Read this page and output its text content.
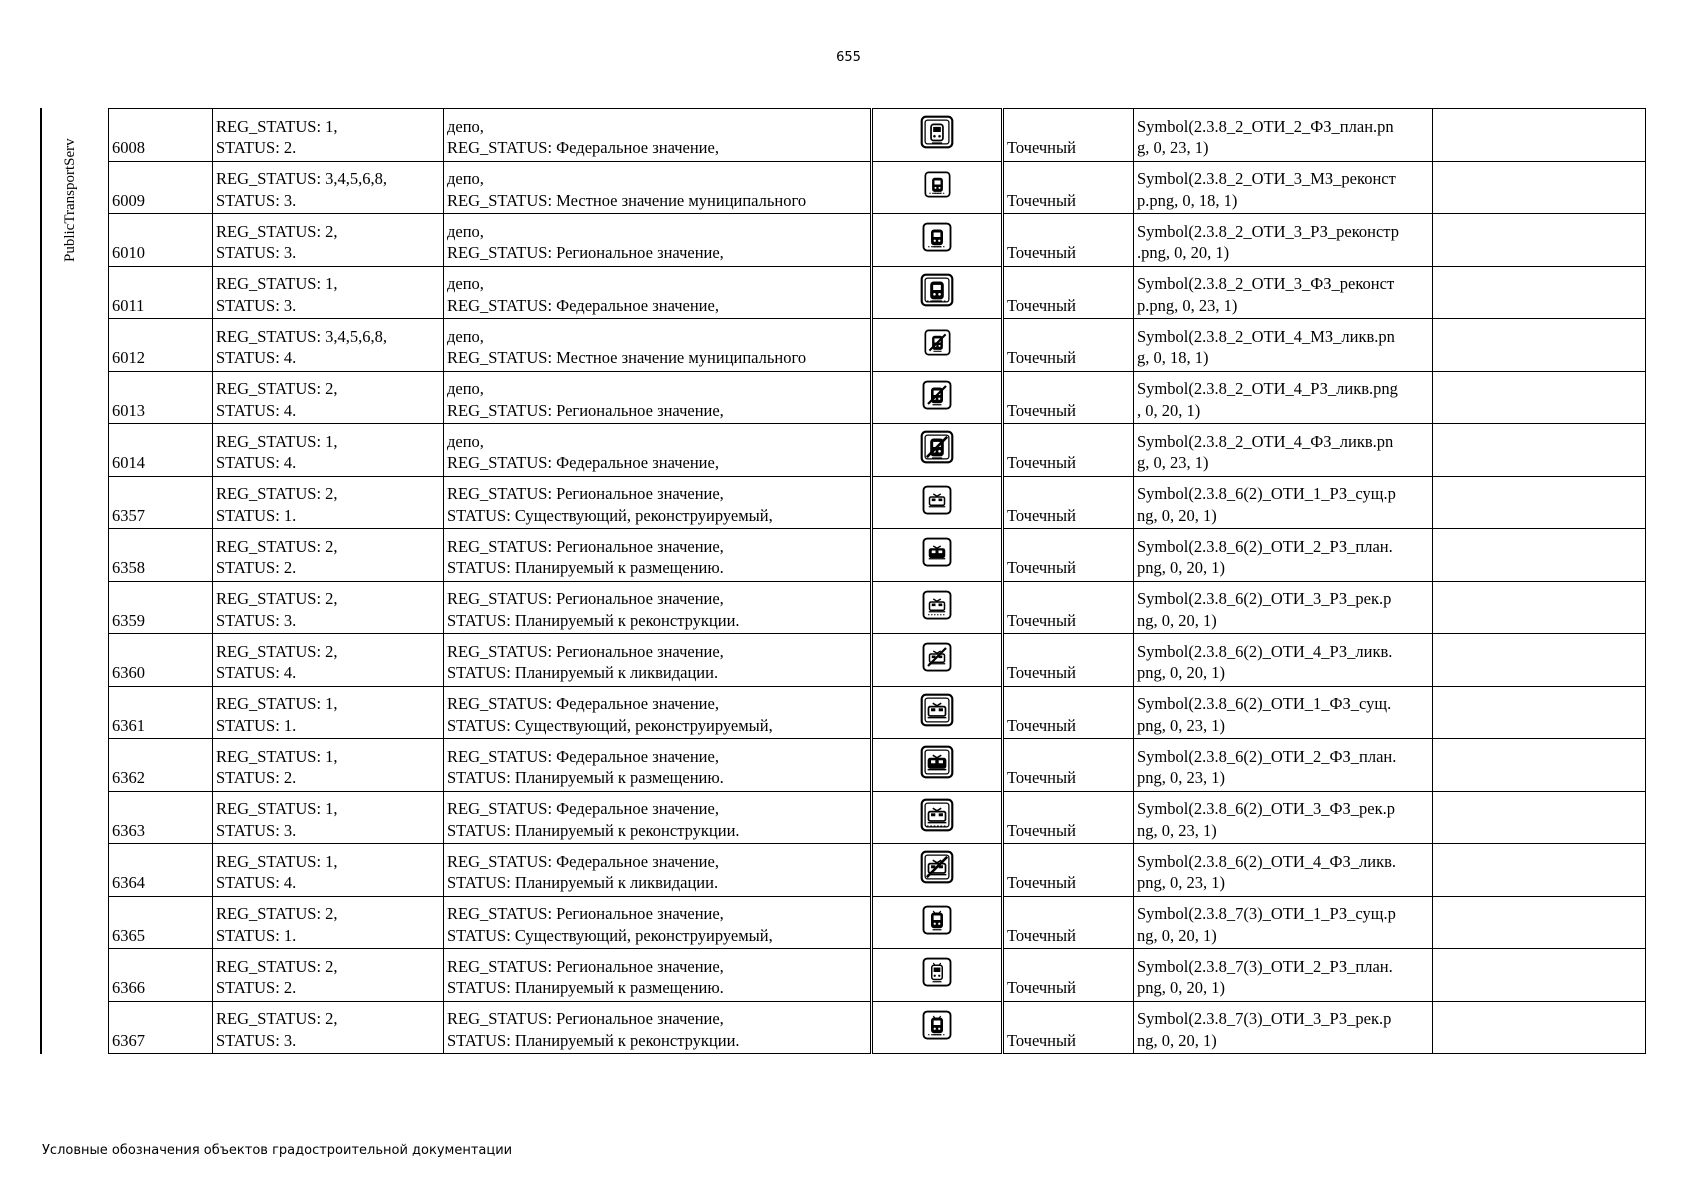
655
PublicTransportServ 6008	REG_STATUS: 1,
STATUS: 2.	депо,
REG_STATUS: Федеральное значение,		Точечный	Symbol(2.3.8_2_ОТИ_2_ФЗ_план.pn
g, 0, 23, 1)	

6009	REG_STATUS: 3,4,5,6,8,
STATUS: 3.	депо,
REG_STATUS: Местное значение муниципального		Точечный	Symbol(2.3.8_2_ОТИ_3_МЗ_реконст
р.png, 0, 18, 1)	

6010	REG_STATUS: 2,
STATUS: 3.	депо,
REG_STATUS: Региональное значение,		Точечный	Symbol(2.3.8_2_ОТИ_3_РЗ_реконстр
.png, 0, 20, 1)	

6011	REG_STATUS: 1,
STATUS: 3.	депо,
REG_STATUS: Федеральное значение,		Точечный	Symbol(2.3.8_2_ОТИ_3_ФЗ_реконст
р.png, 0, 23, 1)	

6012	REG_STATUS: 3,4,5,6,8,
STATUS: 4.	депо,
REG_STATUS: Местное значение муниципального		Точечный	Symbol(2.3.8_2_ОТИ_4_МЗ_ликв.pn
g, 0, 18, 1)	

6013	REG_STATUS: 2,
STATUS: 4.	депо,
REG_STATUS: Региональное значение,		Точечный	Symbol(2.3.8_2_ОТИ_4_РЗ_ликв.png
, 0, 20, 1)	

6014	REG_STATUS: 1,
STATUS: 4.	депо,
REG_STATUS: Федеральное значение,		Точечный	Symbol(2.3.8_2_ОТИ_4_ФЗ_ликв.pn
g, 0, 23, 1)	

6357	REG_STATUS: 2,
STATUS: 1.	REG_STATUS: Региональное значение,
STATUS: Существующий, реконструируемый,		Точечный	Symbol(2.3.8_6(2)_ОТИ_1_РЗ_сущ.р
ng, 0, 20, 1)	

6358	REG_STATUS: 2,
STATUS: 2.	REG_STATUS: Региональное значение,
STATUS: Планируемый к размещению.		Точечный	Symbol(2.3.8_6(2)_ОТИ_2_РЗ_план.
png, 0, 20, 1)	

6359	REG_STATUS: 2,
STATUS: 3.	REG_STATUS: Региональное значение,
STATUS: Планируемый к реконструкции.		Точечный	Symbol(2.3.8_6(2)_ОТИ_3_РЗ_рек.р
ng, 0, 20, 1)	

6360	REG_STATUS: 2,
STATUS: 4.	REG_STATUS: Региональное значение,
STATUS: Планируемый к ликвидации.		Точечный	Symbol(2.3.8_6(2)_ОТИ_4_РЗ_ликв.
png, 0, 20, 1)	

6361	REG_STATUS: 1,
STATUS: 1.	REG_STATUS: Федеральное значение,
STATUS: Существующий, реконструируемый,		Точечный	Symbol(2.3.8_6(2)_ОТИ_1_ФЗ_сущ.
png, 0, 23, 1)	

6362	REG_STATUS: 1,
STATUS: 2.	REG_STATUS: Федеральное значение,
STATUS: Планируемый к размещению.		Точечный	Symbol(2.3.8_6(2)_ОТИ_2_ФЗ_план.
png, 0, 23, 1)	

6363	REG_STATUS: 1,
STATUS: 3.	REG_STATUS: Федеральное значение,
STATUS: Планируемый к реконструкции.		Точечный	Symbol(2.3.8_6(2)_ОТИ_3_ФЗ_рек.р
ng, 0, 23, 1)	

6364	REG_STATUS: 1,
STATUS: 4.	REG_STATUS: Федеральное значение,
STATUS: Планируемый к ликвидации.		Точечный	Symbol(2.3.8_6(2)_ОТИ_4_ФЗ_ликв.
png, 0, 23, 1)	

6365	REG_STATUS: 2,
STATUS: 1.	REG_STATUS: Региональное значение,
STATUS: Существующий, реконструируемый,		Точечный	Symbol(2.3.8_7(3)_ОТИ_1_РЗ_сущ.р
ng, 0, 20, 1)	

6366	REG_STATUS: 2,
STATUS: 2.	REG_STATUS: Региональное значение,
STATUS: Планируемый к размещению.		Точечный	Symbol(2.3.8_7(3)_ОТИ_2_РЗ_план.
png, 0, 20, 1)	

6367	REG_STATUS: 2,
STATUS: 3.	REG_STATUS: Региональное значение,
STATUS: Планируемый к реконструкции.		Точечный	Symbol(2.3.8_7(3)_ОТИ_3_РЗ_рек.р
ng, 0, 20, 1)	

Условные обозначения объектов градостроительной документации
